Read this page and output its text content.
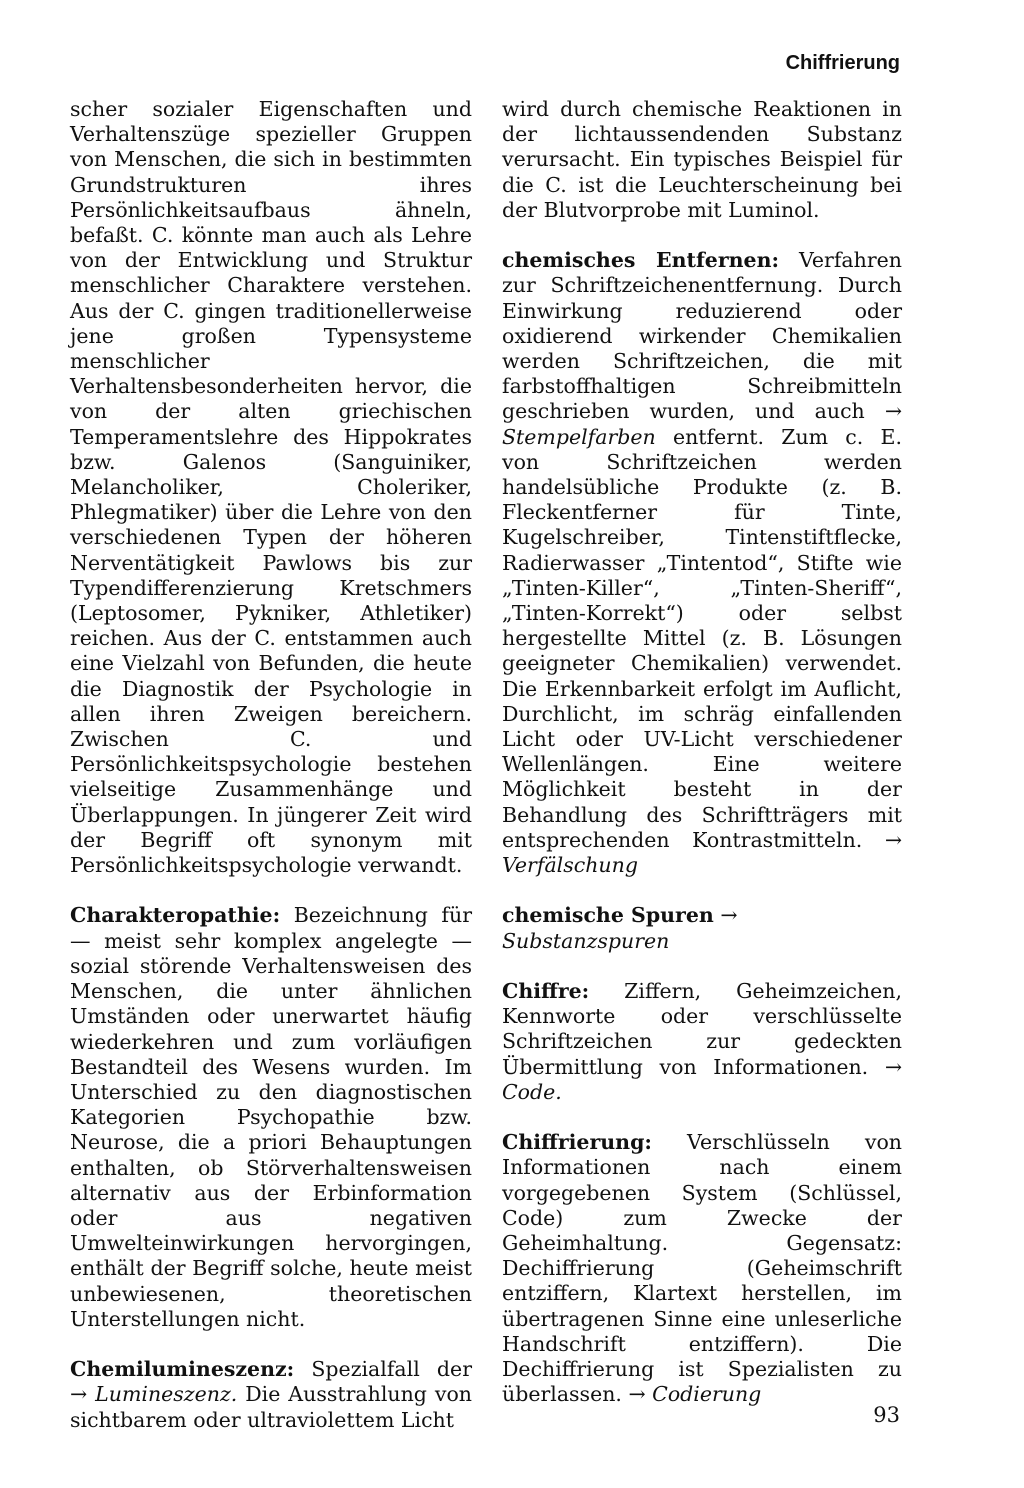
Chiffrierung

scher sozialer Eigenschaften und Verhaltenszüge spezieller Gruppen von Menschen, die sich in bestimmten Grundstrukturen ihres Persönlichkeitsaufbaus ähneln, befaßt. C. könnte man auch als Lehre von der Entwicklung und Struktur menschlicher Charaktere verstehen. Aus der C. gingen traditionellerweise jene großen Typensysteme menschlicher Verhaltensbesonderheiten hervor, die von der alten griechischen Temperamentslehre des Hippokrates bzw. Galenos (Sanguiniker, Melancholiker, Choleriker, Phlegmatiker) über die Lehre von den verschiedenen Typen der höheren Nerventätigkeit Pawlows bis zur Typendifferenzierung Kretschmers (Leptosomer, Pykniker, Athletiker) reichen. Aus der C. entstammen auch eine Vielzahl von Befunden, die heute die Diagnostik der Psychologie in allen ihren Zweigen bereichern. Zwischen C. und Persönlichkeitspsychologie bestehen vielseitige Zusammenhänge und Überlappungen. In jüngerer Zeit wird der Begriff oft synonym mit Persönlichkeitspsychologie verwandt.

Charakteropathie: Bezeichnung für — meist sehr komplex angelegte — sozial störende Verhaltensweisen des Menschen, die unter ähnlichen Umständen oder unerwartet häufig wiederkehren und zum vorläufigen Bestandteil des Wesens wurden. Im Unterschied zu den diagnostischen Kategorien Psychopathie bzw. Neurose, die a priori Behauptungen enthalten, ob Störverhaltensweisen alternativ aus der Erbinformation oder aus negativen Umwelteinwirkungen hervorgingen, enthält der Begriff solche, heute meist unbewiesenen, theoretischen Unterstellungen nicht.

Chemilumineszenz: Spezialfall der → Lumineszenz. Die Ausstrahlung von sichtbarem oder ultraviolettem Licht

wird durch chemische Reaktionen in der lichtaussendenden Substanz verursacht. Ein typisches Beispiel für die C. ist die Leuchterscheinung bei der Blutvorprobe mit Luminol.

chemisches Entfernen: Verfahren zur Schriftzeichenentfernung. Durch Einwirkung reduzierend oder oxidierend wirkender Chemikalien werden Schriftzeichen, die mit farbstoffhaltigen Schreibmitteln geschrieben wurden, und auch → Stempelfarben entfernt. Zum c. E. von Schriftzeichen werden handelsübliche Produkte (z. B. Fleckentferner für Tinte, Kugelschreiber, Tintenstiftflecke, Radierwasser „Tintentod“, Stifte wie „Tinten-Killer“, „Tinten-Sheriff“, „Tinten-Korrekt“) oder selbst hergestellte Mittel (z. B. Lösungen geeigneter Chemikalien) verwendet. Die Erkennbarkeit erfolgt im Auflicht, Durchlicht, im schräg einfallenden Licht oder UV-Licht verschiedener Wellenlängen. Eine weitere Möglichkeit besteht in der Behandlung des Schriftträgers mit entsprechenden Kontrastmitteln. → Verfälschung

chemische Spuren → Substanzspuren

Chiffre: Ziffern, Geheimzeichen, Kennworte oder verschlüsselte Schriftzeichen zur gedeckten Übermittlung von Informationen. → Code.

Chiffrierung: Verschlüsseln von Informationen nach einem vorgegebenen System (Schlüssel, Code) zum Zwecke der Geheimhaltung. Gegensatz: Dechiffrierung (Geheimschrift entziffern, Klartext herstellen, im übertragenen Sinne eine unleserliche Handschrift entziffern). Die Dechiffrierung ist Spezialisten zu überlassen. → Codierung

93
